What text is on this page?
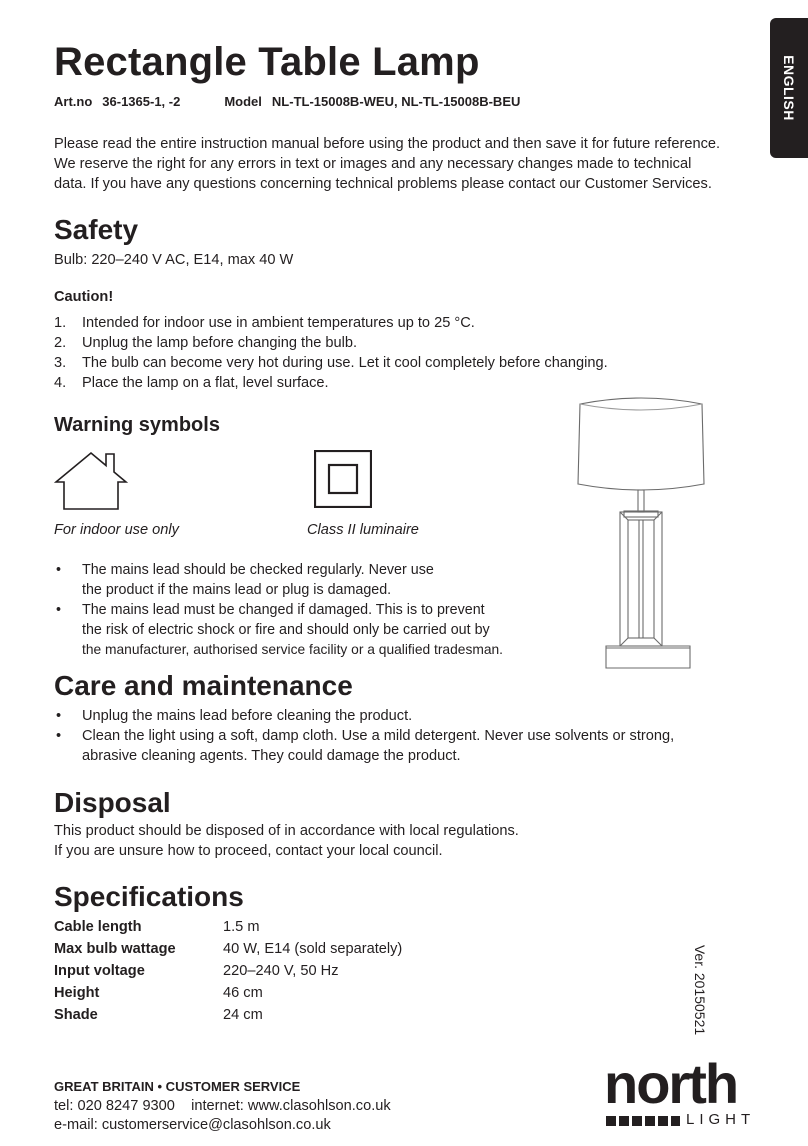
Rectangle Table Lamp
Art.no 36-1365-1, -2	Model NL-TL-15008B-WEU, NL-TL-15008B-BEU	ENGLISH

Please read the entire instruction manual before using the product and then save it for future reference.

We reserve the right for any errors in text or images and any necessary changes made to technical

data. If you have any questions concerning technical problems please contact our Customer Services.

Safety
Bulb: 220–240 V AC, E14, max 40 W
Caution!
1. Intended for indoor use in ambient temperatures up to 25 °C.
2. Unplug the lamp before changing the bulb.
3. The bulb can become very hot during use. Let it cool completely before changing.
4. Place the lamp on a flat, level surface.
Warning symbols
For indoor use only	Class II luminaire
• The mains lead should be checked regularly. Never use
the product if the mains lead or plug is damaged.
• The mains lead must be changed if damaged. This is to prevent
the risk of electric shock or fire and should only be carried out by
the manufacturer, authorised service facility or a qualified tradesman.
Care and maintenance
• Unplug the mains lead before cleaning the product.
• Clean the light using a soft, damp cloth. Use a mild detergent. Never use solvents or strong,
abrasive cleaning agents. They could damage the product.
Disposal

This product should be disposed of in accordance with local regulations.

If you are unsure how to proceed, contact your local council.

Specifications
Cable length	1.5 m
Max bulb wattage	40 W, E14 (sold separately)
Input voltage	220–240 V, 50 Hz
Height	46 cm
Shade	24 cm	Ver. 20150521
GREAT BRITAIN • CUSTOMER SERVICE
tel: 020 8247 9300    internet: www.clasohlson.co.uk
e-mail: customerservice@clasohlson.co.uk
north
LIGHT
